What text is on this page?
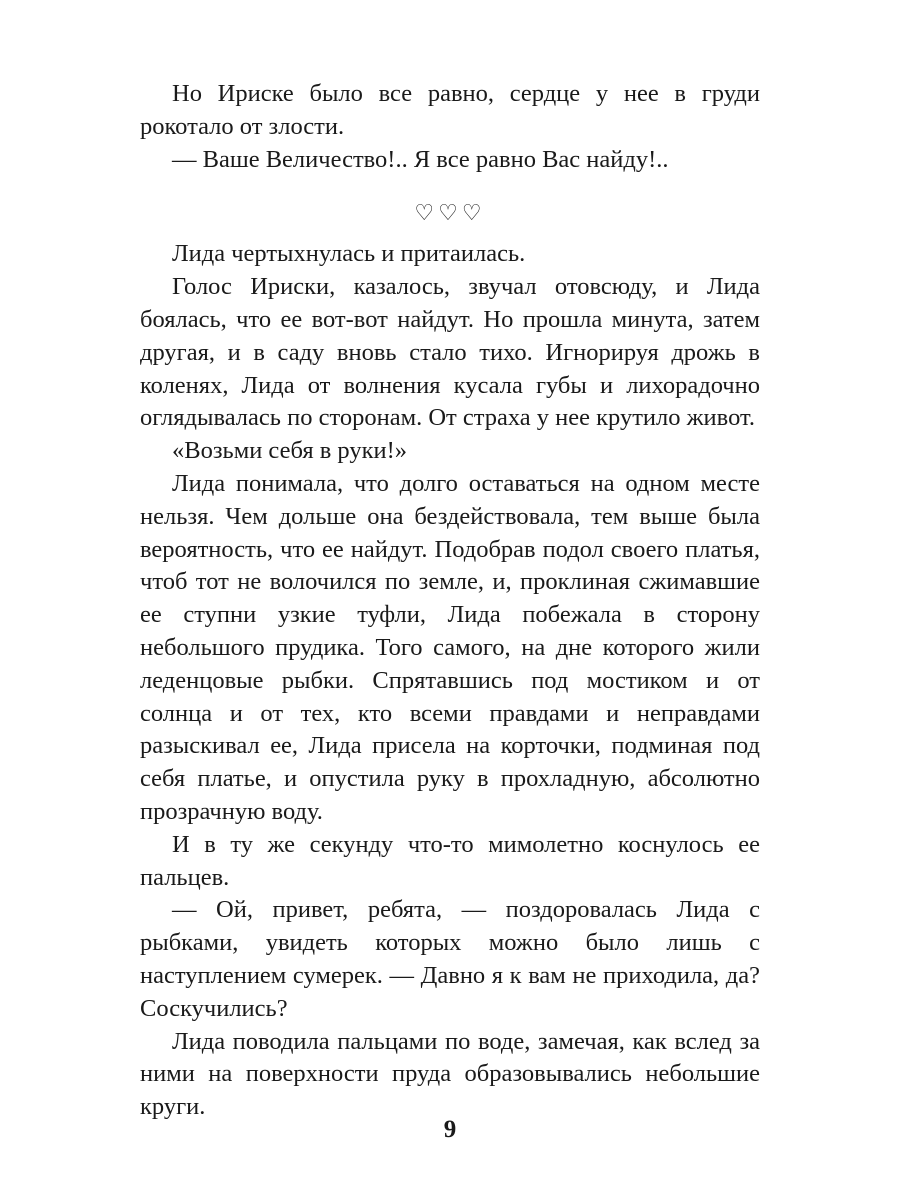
Но Ириске было все равно, сердце у нее в груди рокотало от злости.

— Ваше Величество!.. Я все равно Вас найду!..

♡♡♡

Лида чертыхнулась и притаилась.

Голос Ириски, казалось, звучал отовсюду, и Лида боялась, что ее вот-вот найдут. Но прошла минута, затем другая, и в саду вновь стало тихо. Игнорируя дрожь в коленях, Лида от волнения кусала губы и лихорадочно оглядывалась по сторонам. От страха у нее крутило живот.

«Возьми себя в руки!»

Лида понимала, что долго оставаться на одном месте нельзя. Чем дольше она бездействовала, тем выше была вероятность, что ее найдут. Подобрав подол своего платья, чтоб тот не волочился по земле, и, проклиная сжимавшие ее ступни узкие туфли, Лида побежала в сторону небольшого прудика. Того самого, на дне которого жили леденцовые рыбки. Спрятавшись под мостиком и от солнца и от тех, кто всеми правдами и неправдами разыскивал ее, Лида присела на корточки, подминая под себя платье, и опустила руку в прохладную, абсолютно прозрачную воду.

И в ту же секунду что-то мимолетно коснулось ее пальцев.

— Ой, привет, ребята, — поздоровалась Лида с рыбками, увидеть которых можно было лишь с наступлением сумерек. — Давно я к вам не приходила, да? Соскучились?

Лида поводила пальцами по воде, замечая, как вслед за ними на поверхности пруда образовывались небольшие круги.

9
